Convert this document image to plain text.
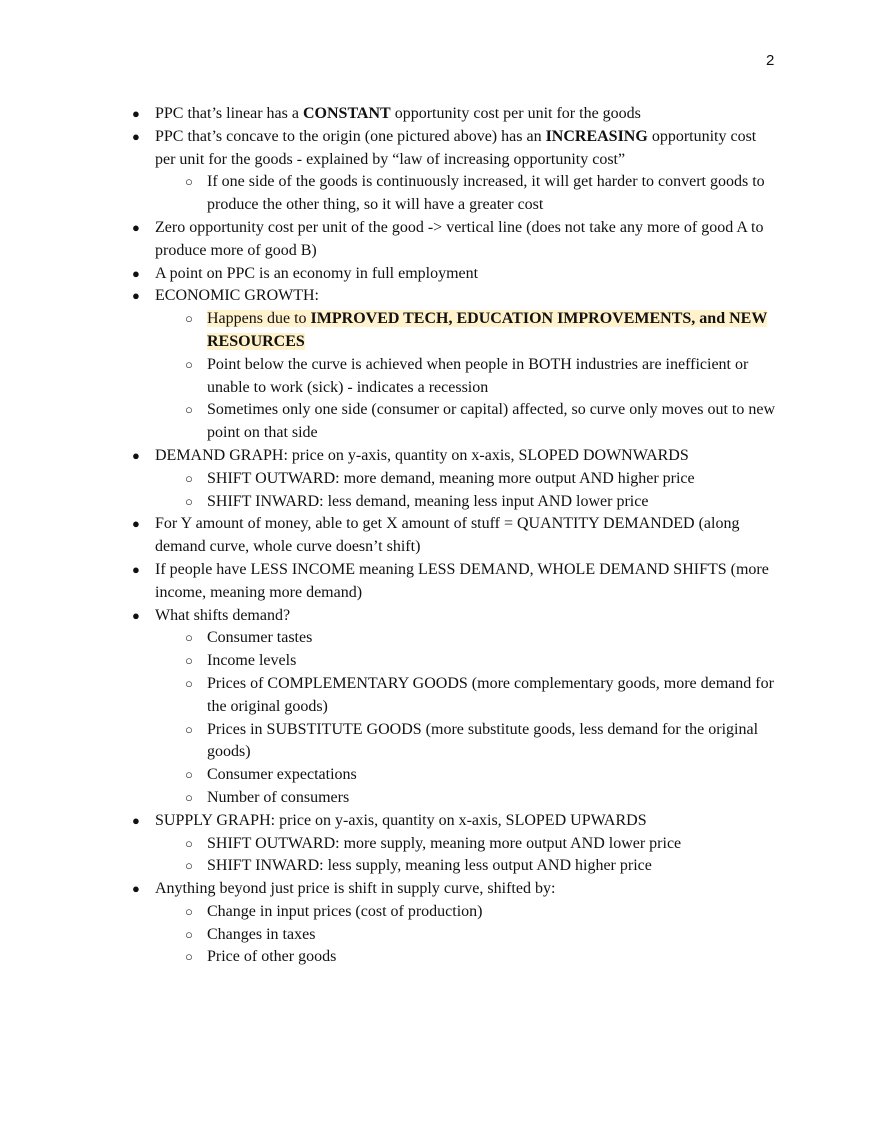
2
● PPC that’s linear has a CONSTANT opportunity cost per unit for the goods
● PPC that’s concave to the origin (one pictured above) has an INCREASING opportunity cost per unit for the goods - explained by “law of increasing opportunity cost”
○ If one side of the goods is continuously increased, it will get harder to convert goods to produce the other thing, so it will have a greater cost
● Zero opportunity cost per unit of the good -> vertical line (does not take any more of good A to produce more of good B)
● A point on PPC is an economy in full employment
● ECONOMIC GROWTH:
○ Happens due to IMPROVED TECH, EDUCATION IMPROVEMENTS, and NEW RESOURCES
○ Point below the curve is achieved when people in BOTH industries are inefficient or unable to work (sick) - indicates a recession
○ Sometimes only one side (consumer or capital) affected, so curve only moves out to new point on that side
● DEMAND GRAPH: price on y-axis, quantity on x-axis, SLOPED DOWNWARDS
○ SHIFT OUTWARD: more demand, meaning more output AND higher price
○ SHIFT INWARD: less demand, meaning less input AND lower price
● For Y amount of money, able to get X amount of stuff = QUANTITY DEMANDED (along demand curve, whole curve doesn’t shift)
● If people have LESS INCOME meaning LESS DEMAND, WHOLE DEMAND SHIFTS (more income, meaning more demand)
● What shifts demand?
○ Consumer tastes
○ Income levels
○ Prices of COMPLEMENTARY GOODS (more complementary goods, more demand for the original goods)
○ Prices in SUBSTITUTE GOODS (more substitute goods, less demand for the original goods)
○ Consumer expectations
○ Number of consumers
● SUPPLY GRAPH: price on y-axis, quantity on x-axis, SLOPED UPWARDS
○ SHIFT OUTWARD: more supply, meaning more output AND lower price
○ SHIFT INWARD: less supply, meaning less output AND higher price
● Anything beyond just price is shift in supply curve, shifted by:
○ Change in input prices (cost of production)
○ Changes in taxes
○ Price of other goods
